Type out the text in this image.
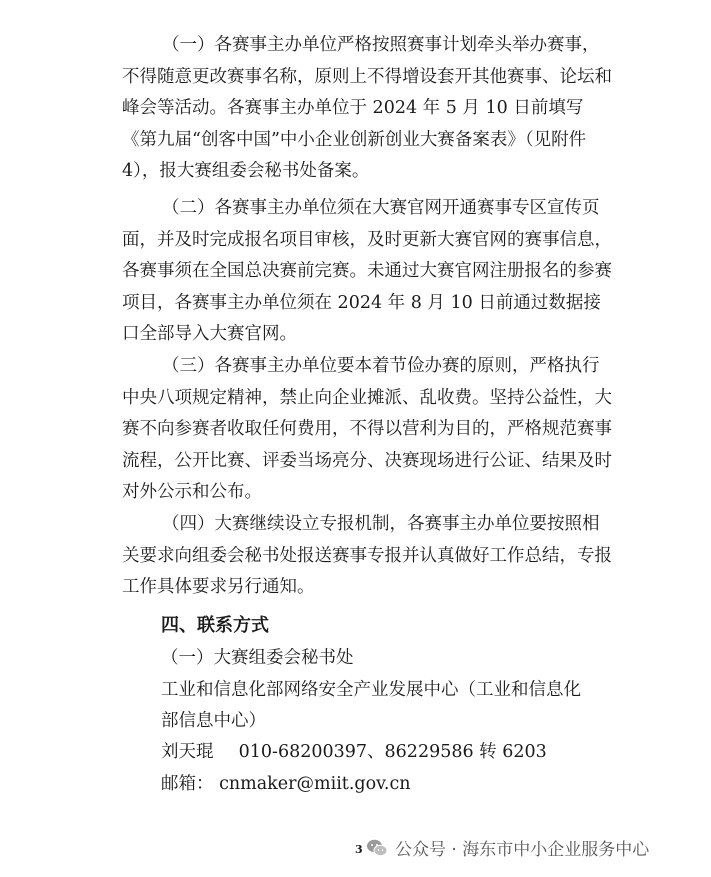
（一）各赛事主办单位严格按照赛事计划牵头举办赛事，不得随意更改赛事名称，原则上不得增设套开其他赛事、论坛和峰会等活动。各赛事主办单位于 2024 年 5 月 10 日前填写《第九届“创客中国”中小企业创新创业大赛备案表》（见附件 4），报大赛组委会秘书处备案。

（二）各赛事主办单位须在大赛官网开通赛事专区宣传页面，并及时完成报名项目审核，及时更新大赛官网的赛事信息，各赛事须在全国总决赛前完赛。未通过大赛官网注册报名的参赛项目，各赛事主办单位须在 2024 年 8 月 10 日前通过数据接口全部导入大赛官网。

（三）各赛事主办单位要本着节俭办赛的原则，严格执行中央八项规定精神，禁止向企业摊派、乱收费。坚持公益性，大赛不向参赛者收取任何费用，不得以营利为目的，严格规范赛事流程，公开比赛、评委当场亮分、决赛现场进行公证、结果及时对外公示和公布。

（四）大赛继续设立专报机制，各赛事主办单位要按照相关要求向组委会秘书处报送赛事专报并认真做好工作总结，专报工作具体要求另行通知。

四、联系方式

（一）大赛组委会秘书处

工业和信息化部网络安全产业发展中心（工业和信息化

部信息中心）

刘天琨 010-68200397、86229586 转 6203

邮箱： cnmaker@miit.gov.cn

3 公众号 · 海东市中小企业服务中心
